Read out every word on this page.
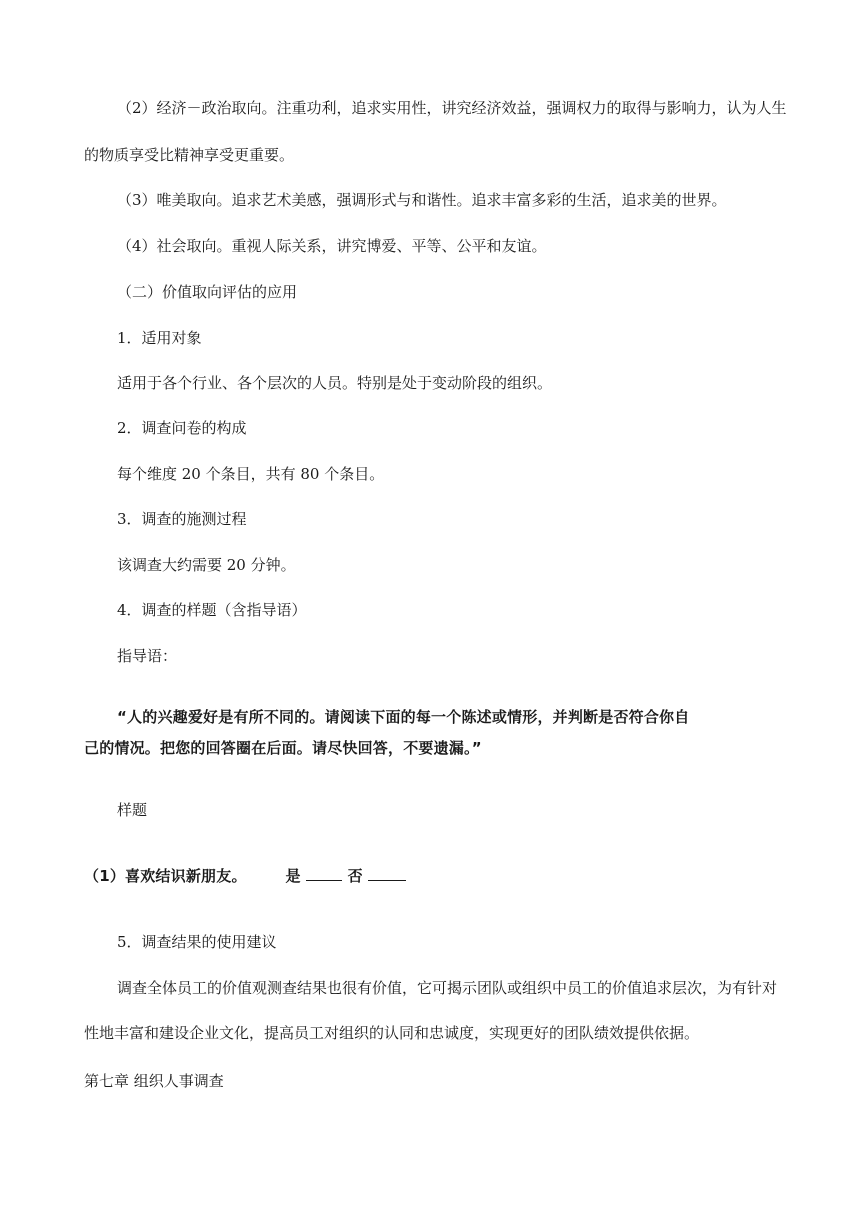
（2）经济－政治取向。注重功利，追求实用性，讲究经济效益，强调权力的取得与影响力，认为人生
的物质享受比精神享受更重要。
（3）唯美取向。追求艺术美感，强调形式与和谐性。追求丰富多彩的生活，追求美的世界。
（4）社会取向。重视人际关系，讲究博爱、平等、公平和友谊。
（二）价值取向评估的应用
1．适用对象
适用于各个行业、各个层次的人员。特别是处于变动阶段的组织。
2．调查问卷的构成
每个维度 20 个条目，共有 80 个条目。
3．调查的施测过程
该调查大约需要 20 分钟。
4．调查的样题（含指导语）
指导语：
“人的兴趣爱好是有所不同的。请阅读下面的每一个陈述或情形，并判断是否符合你自
己的情况。把您的回答圈在后面。请尽快回答，不要遗漏。”
样题
（1）喜欢结识新朋友。	是	否
5．调查结果的使用建议
调查全体员工的价值观测查结果也很有价值，它可揭示团队或组织中员工的价值追求层次，为有针对
性地丰富和建设企业文化，提高员工对组织的认同和忠诚度，实现更好的团队绩效提供依据。
第七章 组织人事调查
